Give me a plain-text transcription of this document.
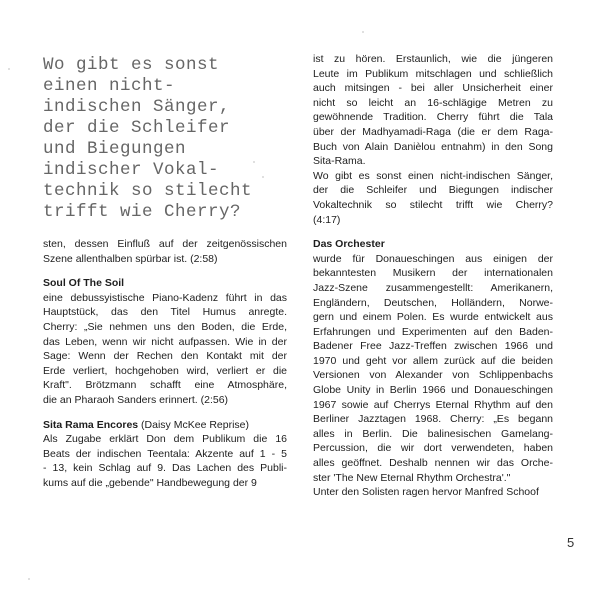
Wo gibt es sonst
einen nicht-
indischen Sänger,
der die Schleifer
und Biegungen
indischer Vokal-
technik so stilecht
trifft wie Cherry?
sten, dessen Einfluß auf der zeitgenössischen
Szene allenthalben spürbar ist. (2:58)
Soul Of The Soil
eine debussyistische Piano-Kadenz führt in das
Hauptstück, das den Titel Humus anregte.
Cherry: „Sie nehmen uns den Boden, die Erde,
das Leben, wenn wir nicht aufpassen. Wie in der
Sage: Wenn der Rechen den Kontakt mit der
Erde verliert, hochgehoben wird, verliert er die
Kraft". Brötzmann schafft eine Atmosphäre,
die an Pharaoh Sanders erinnert. (2:56)
Sita Rama Encores (Daisy McKee Reprise)
Als Zugabe erklärt Don dem Publikum die 16
Beats der indischen Teentala: Akzente auf 1 - 5
- 13, kein Schlag auf 9. Das Lachen des Publi-
kums auf die „gebende" Handbewegung der 9
ist zu hören. Erstaunlich, wie die jüngeren
Leute im Publikum mitschlagen und schließlich
auch mitsingen - bei aller Unsicherheit einer
nicht so leicht an 16-schlägige Metren zu
gewöhnende Tradition. Cherry führt die Tala
über der Madhyamadi-Raga (die er dem Raga-
Buch von Alain Danièlou entnahm) in den Song
Sita-Rama.
Wo gibt es sonst einen nicht-indischen Sänger,
der die Schleifer und Biegungen indischer
Vokaltechnik so stilecht trifft wie Cherry?
(4:17)
Das Orchester
wurde für Donaueschingen aus einigen der
bekanntesten Musikern der internationalen
Jazz-Szene zusammengestellt: Amerikanern,
Engländern, Deutschen, Holländern, Norwe-
gern und einem Polen. Es wurde entwickelt aus
Erfahrungen und Experimenten auf den Baden-
Badener Free Jazz-Treffen zwischen 1966 und
1970 und geht vor allem zurück auf die beiden
Versionen von Alexander von Schlippenbachs
Globe Unity in Berlin 1966 und Donaueschingen
1967 sowie auf Cherrys Eternal Rhythm auf den
Berliner Jazztagen 1968. Cherry: „Es begann
alles in Berlin. Die balinesischen Gamelang-
Percussion, die wir dort verwendeten, haben
alles geöffnet. Deshalb nennen wir das Orche-
ster 'The New Eternal Rhythm Orchestra'."
Unter den Solisten ragen hervor Manfred Schoof
5
